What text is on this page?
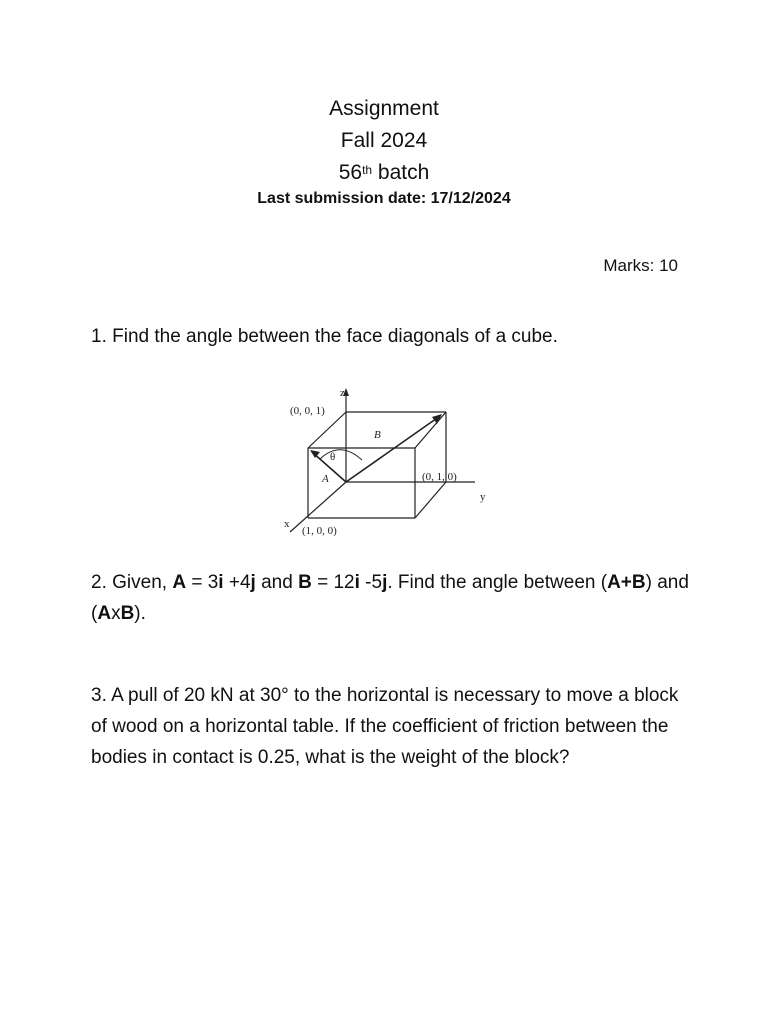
Assignment
Fall 2024
56th batch
Last submission date: 17/12/2024
Marks: 10
1. Find the angle between the face diagonals of a cube.
z
y
x
(0, 0, 1)
(0, 1, 0)
(1, 0, 0)
A
B
θ
2. Given, A = 3i +4j and B = 12i -5j. Find the angle between (A+B) and (AxB).
3. A pull of 20 kN at 30° to the horizontal is necessary to move a block of wood on a horizontal table. If the coefficient of friction between the bodies in contact is 0.25, what is the weight of the block?
